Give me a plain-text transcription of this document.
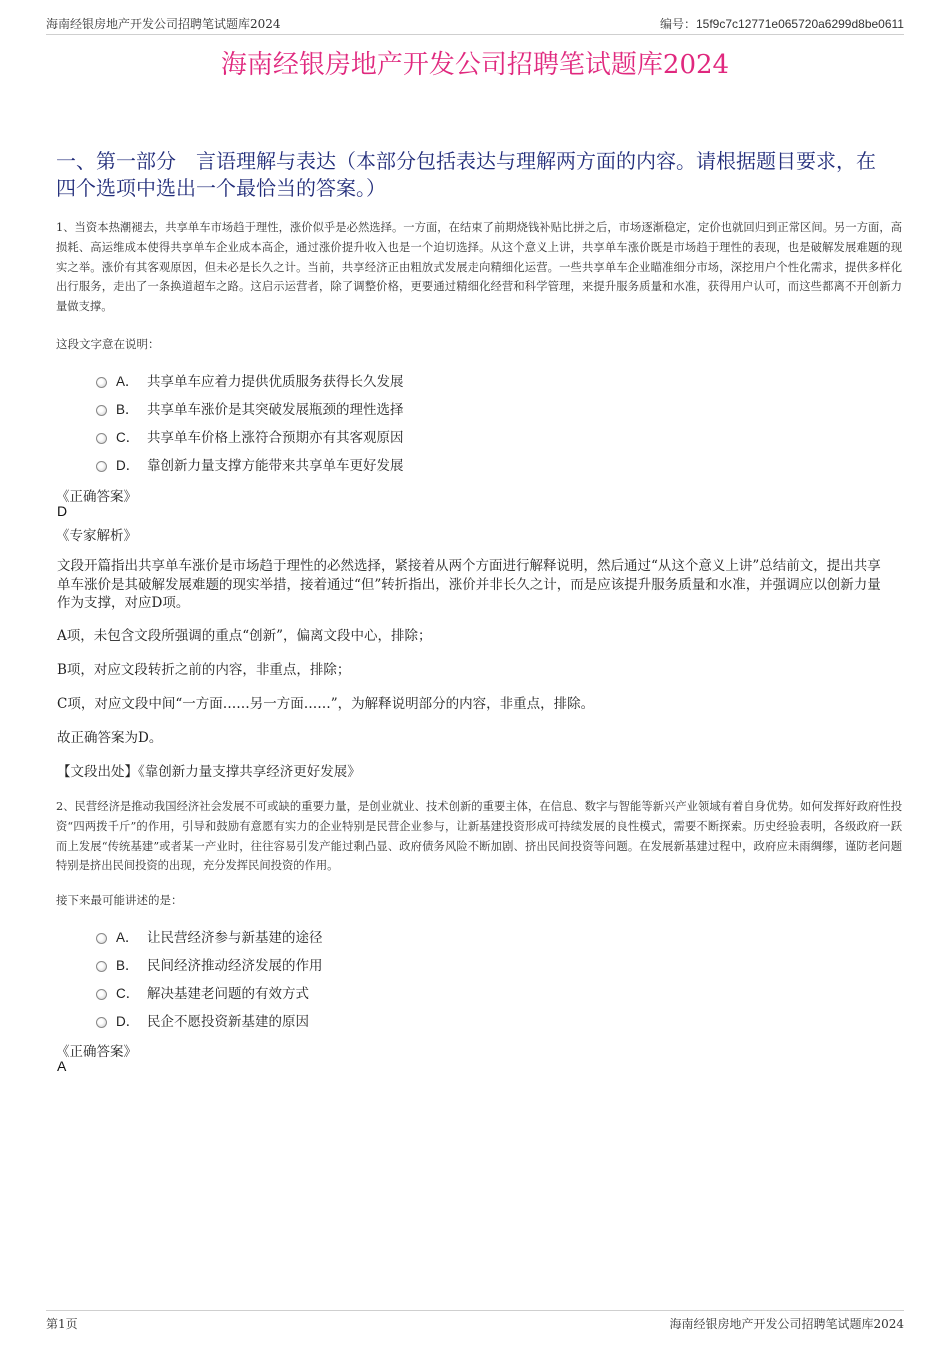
海南经银房地产开发公司招聘笔试题库2024	编号：15f9c7c12771e065720a6299d8be0611
海南经银房地产开发公司招聘笔试题库2024
一、第一部分　言语理解与表达（本部分包括表达与理解两方面的内容。请根据题目要求，在四个选项中选出一个最恰当的答案。）
1、当资本热潮褪去，共享单车市场趋于理性，涨价似乎是必然选择。一方面，在结束了前期烧钱补贴比拼之后，市场逐渐稳定，定价也就回归到正常区间。另一方面，高损耗、高运维成本使得共享单车企业成本高企，通过涨价提升收入也是一个迫切选择。从这个意义上讲，共享单车涨价既是市场趋于理性的表现，也是破解发展难题的现实之举。涨价有其客观原因，但未必是长久之计。当前，共享经济正由粗放式发展走向精细化运营。一些共享单车企业瞄准细分市场，深挖用户个性化需求，提供多样化出行服务，走出了一条换道超车之路。这启示运营者，除了调整价格，更要通过精细化经营和科学管理，来提升服务质量和水准，获得用户认可，而这些都离不开创新力量做支撑。
这段文字意在说明：
A． 共享单车应着力提供优质服务获得长久发展
B． 共享单车涨价是其突破发展瓶颈的理性选择
C． 共享单车价格上涨符合预期亦有其客观原因
D． 靠创新力量支撑方能带来共享单车更好发展
《正确答案》
D
《专家解析》
文段开篇指出共享单车涨价是市场趋于理性的必然选择，紧接着从两个方面进行解释说明，然后通过“从这个意义上讲”总结前文，提出共享单车涨价是其破解发展难题的现实举措，接着通过“但”转折指出，涨价并非长久之计，而是应该提升服务质量和水准，并强调应以创新力量作为支撑，对应D项。
A项，未包含文段所强调的重点“创新”，偏离文段中心，排除；
B项，对应文段转折之前的内容，非重点，排除；
C项，对应文段中间“一方面……另一方面……”，为解释说明部分的内容，非重点，排除。
故正确答案为D。
【文段出处】《靠创新力量支撑共享经济更好发展》
2、民营经济是推动我国经济社会发展不可或缺的重要力量，是创业就业、技术创新的重要主体，在信息、数字与智能等新兴产业领域有着自身优势。如何发挥好政府性投资“四两拨千斤”的作用，引导和鼓励有意愿有实力的企业特别是民营企业参与，让新基建投资形成可持续发展的良性模式，需要不断探索。历史经验表明，各级政府一跃而上发展“传统基建”或者某一产业时，往往容易引发产能过剩凸显、政府债务风险不断加剧、挤出民间投资等问题。在发展新基建过程中，政府应未雨绸缪，谨防老问题特别是挤出民间投资的出现，充分发挥民间投资的作用。
接下来最可能讲述的是：
A． 让民营经济参与新基建的途径
B． 民间经济推动经济发展的作用
C． 解决基建老问题的有效方式
D． 民企不愿投资新基建的原因
《正确答案》
A
第1页	海南经银房地产开发公司招聘笔试题库2024
